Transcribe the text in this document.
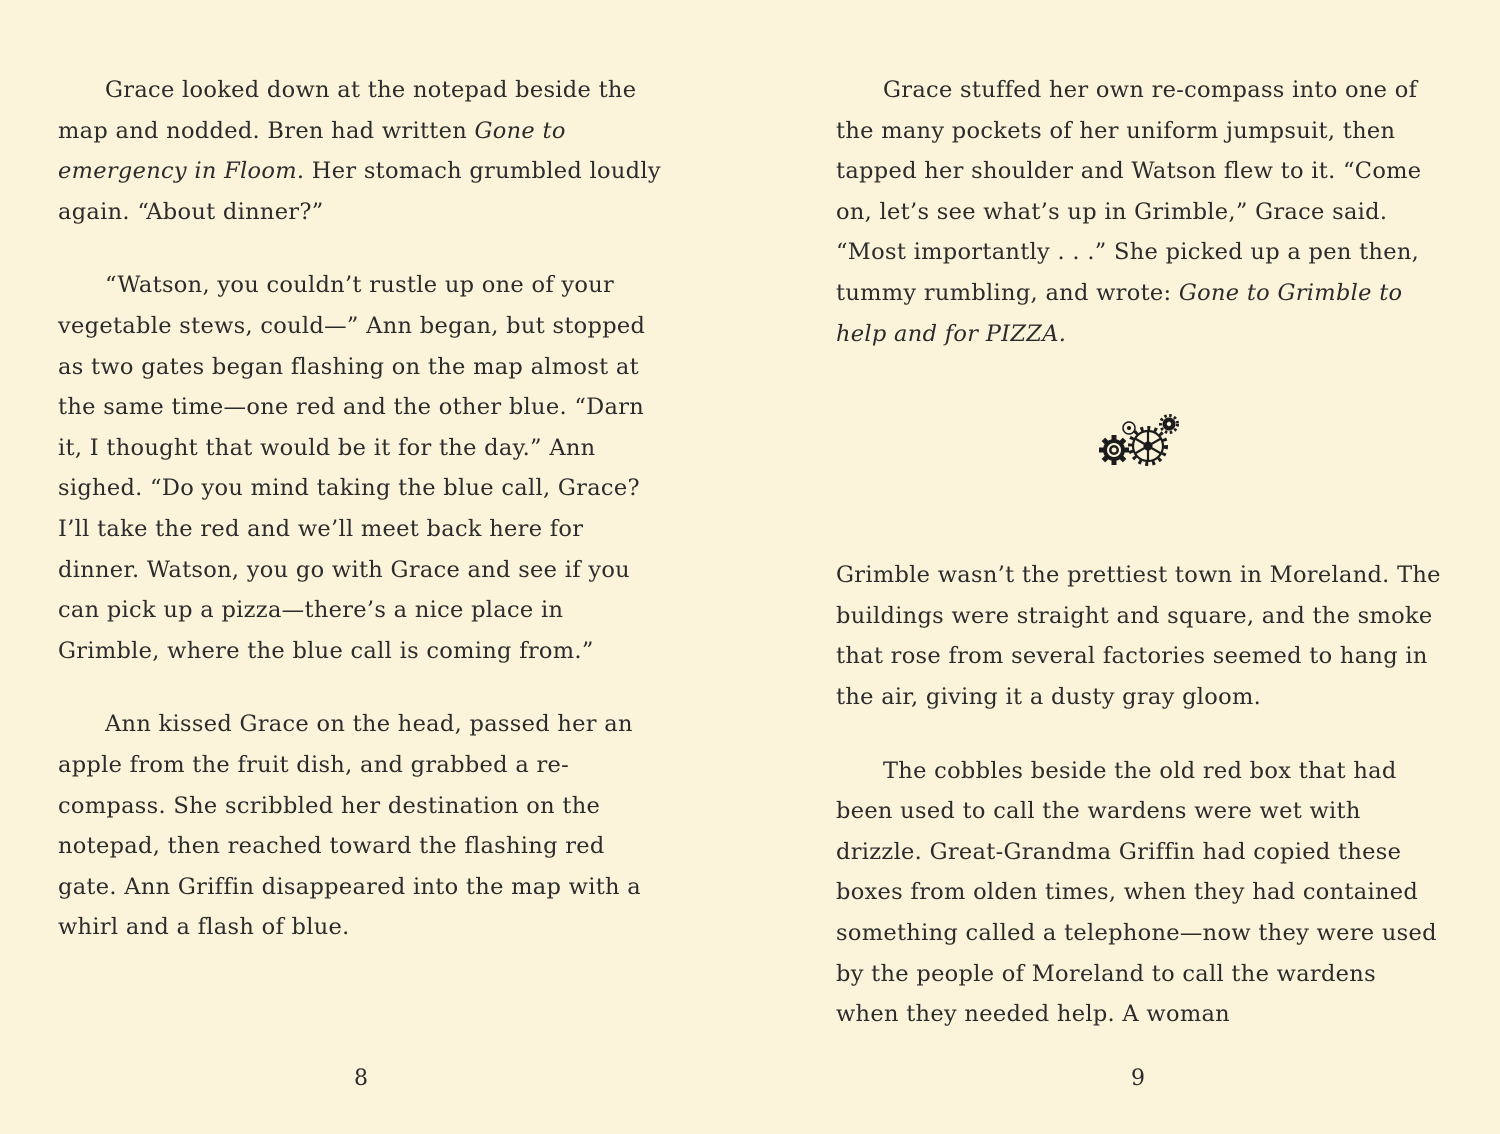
Grace looked down at the notepad beside the map and nodded. Bren had written Gone to emergency in Floom. Her stomach grumbled loudly again. “About dinner?”

“Watson, you couldn’t rustle up one of your vegetable stews, could—” Ann began, but stopped as two gates began flashing on the map almost at the same time—one red and the other blue. “Darn it, I thought that would be it for the day.” Ann sighed. “Do you mind taking the blue call, Grace? I’ll take the red and we’ll meet back here for dinner. Watson, you go with Grace and see if you can pick up a pizza—there’s a nice place in Grimble, where the blue call is coming from.”

Ann kissed Grace on the head, passed her an apple from the fruit dish, and grabbed a re-compass. She scribbled her destination on the notepad, then reached toward the flashing red gate. Ann Griffin disappeared into the map with a whirl and a flash of blue.

8

Grace stuffed her own re-compass into one of the many pockets of her uniform jumpsuit, then tapped her shoulder and Watson flew to it. “Come on, let’s see what’s up in Grimble,” Grace said. “Most importantly . . .” She picked up a pen then, tummy rumbling, and wrote: Gone to Grimble to help and for PIZZA.

Grimble wasn’t the prettiest town in Moreland. The buildings were straight and square, and the smoke that rose from several factories seemed to hang in the air, giving it a dusty gray gloom.

The cobbles beside the old red box that had been used to call the wardens were wet with drizzle. Great-Grandma Griffin had copied these boxes from olden times, when they had contained something called a telephone—now they were used by the people of Moreland to call the wardens when they needed help. A woman

9
